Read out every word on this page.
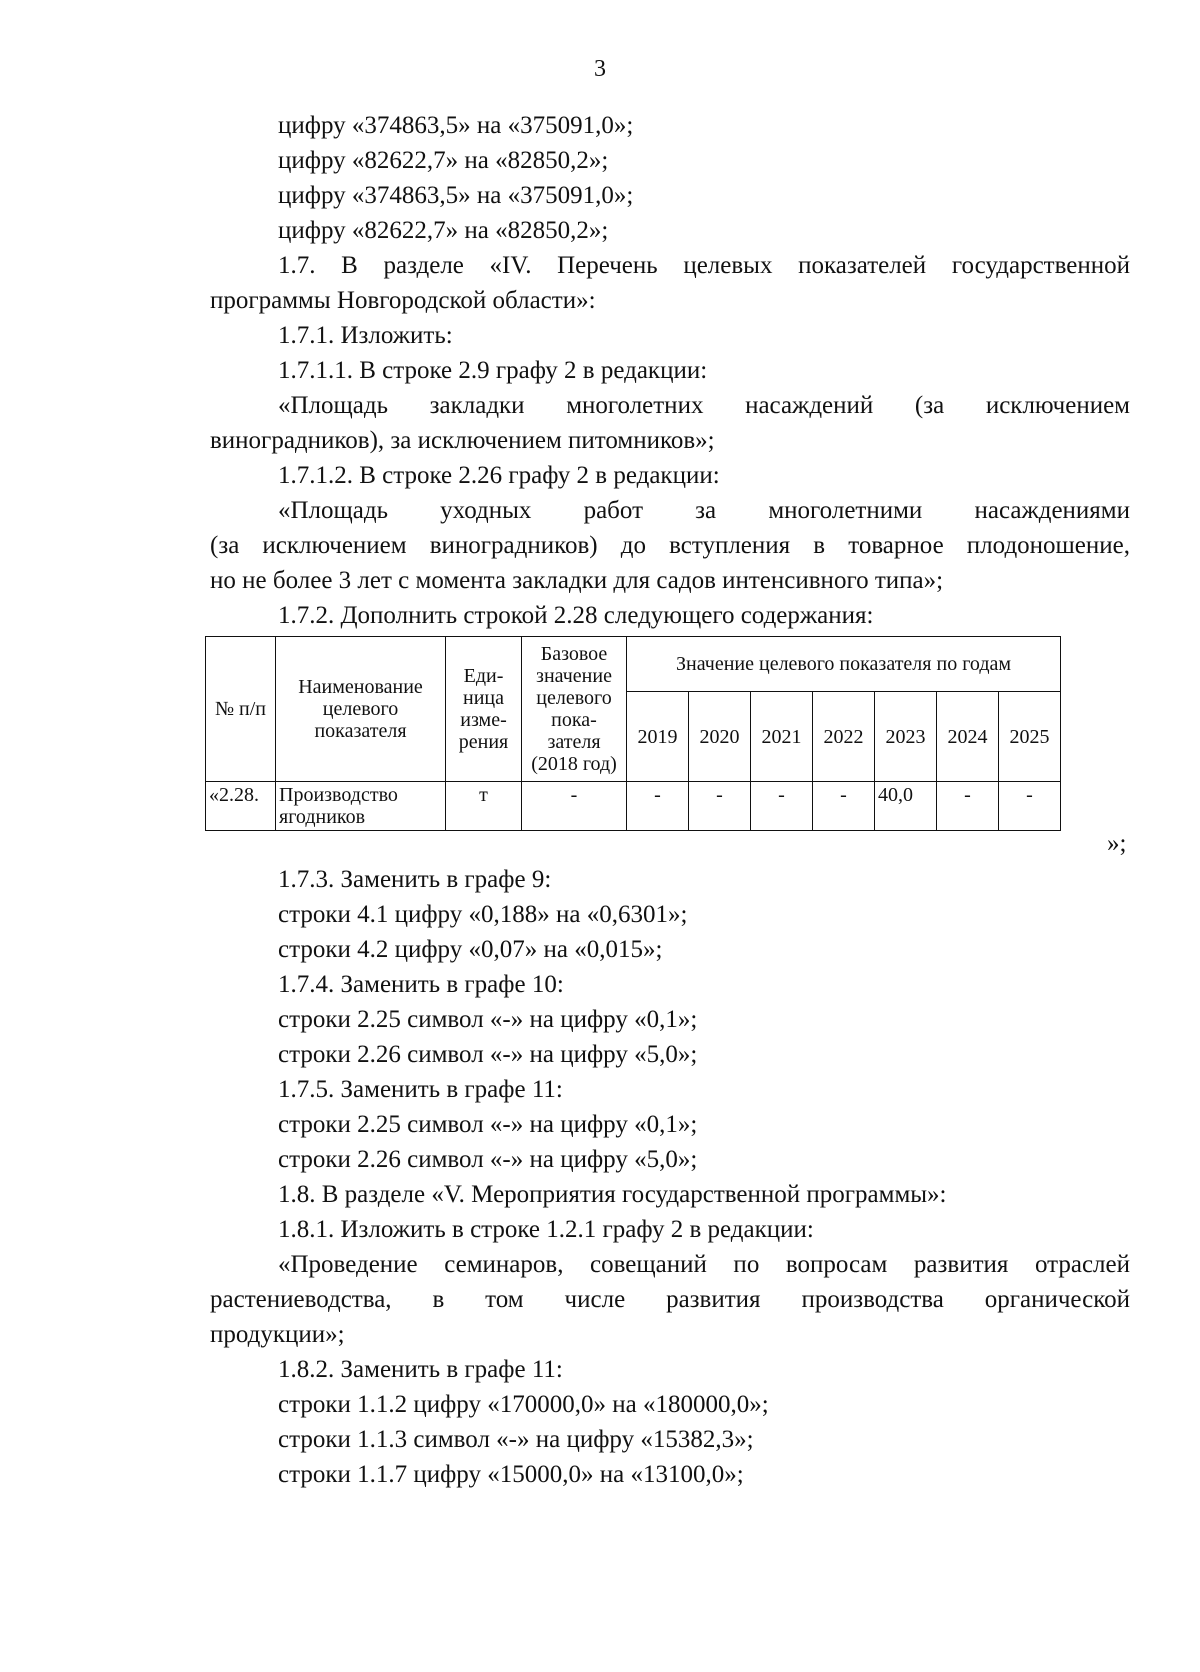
3
цифру «374863,5» на «375091,0»;
цифру «82622,7» на «82850,2»;
цифру «374863,5» на «375091,0»;
цифру «82622,7» на «82850,2»;
1.7. В разделе «IV. Перечень целевых показателей государственной
программы Новгородской области»:
1.7.1. Изложить:
1.7.1.1. В строке 2.9 графу 2 в редакции:
«Площадь закладки многолетних насаждений (за исключением
виноградников), за исключением питомников»;
1.7.1.2. В строке 2.26 графу 2 в редакции:
«Площадь уходных работ за многолетними насаждениями
(за исключением виноградников) до вступления в товарное плодоношение,
но не более 3 лет с момента закладки для садов интенсивного типа»;
1.7.2. Дополнить строкой 2.28 следующего содержания:
№ п/п	Наименование целевого показателя	Еди-ница изме-рения	Базовое значение целевого пока-зателя (2018 год)	Значение целевого показателя по годам						
				2019	2020	2021	2022	2023	2024	2025
«2.28.	Производство ягодников	т	-	-	-	-	-	40,0	-	-
»;
1.7.3. Заменить в графе 9:
строки 4.1 цифру «0,188» на «0,6301»;
строки 4.2 цифру «0,07» на «0,015»;
1.7.4. Заменить в графе 10:
строки 2.25 символ «-» на цифру «0,1»;
строки 2.26 символ «-» на цифру «5,0»;
1.7.5. Заменить в графе 11:
строки 2.25 символ «-» на цифру «0,1»;
строки 2.26 символ «-» на цифру «5,0»;
1.8. В разделе «V. Мероприятия государственной программы»:
1.8.1. Изложить в строке 1.2.1 графу 2 в редакции:
«Проведение семинаров, совещаний по вопросам развития отраслей
растениеводства, в том числе развития производства органической
продукции»;
1.8.2. Заменить в графе 11:
строки 1.1.2 цифру «170000,0» на «180000,0»;
строки 1.1.3 символ «-» на цифру «15382,3»;
строки 1.1.7 цифру «15000,0» на «13100,0»;
